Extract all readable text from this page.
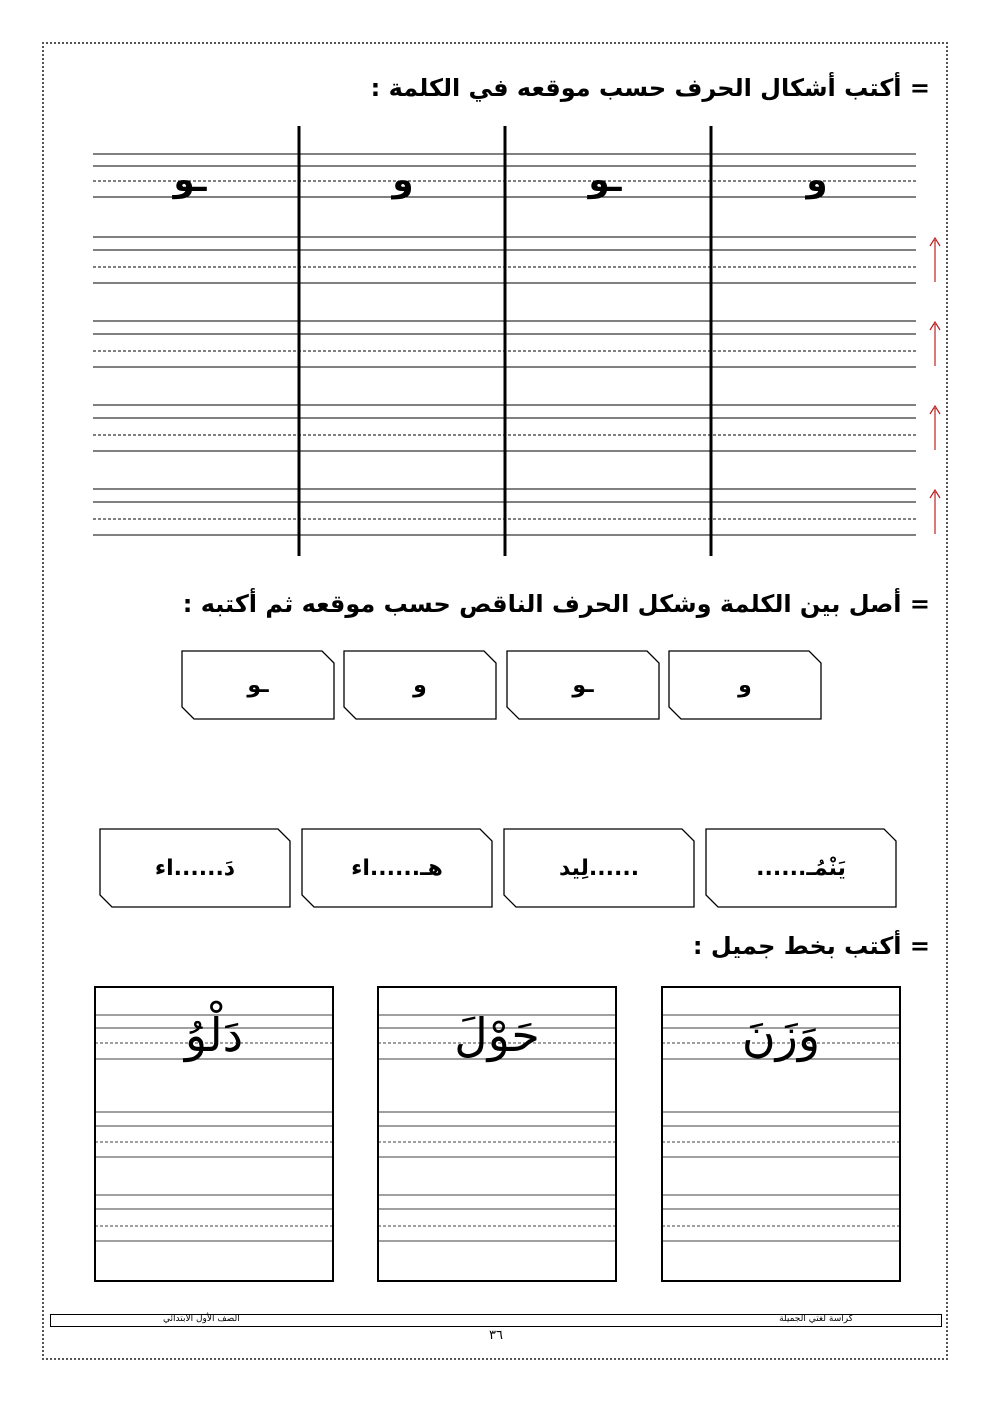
= أكتب أشكال الحرف حسب موقعه في الكلمة :
و
ـو
و
ـو
= أصل بين الكلمة وشكل الحرف الناقص حسب موقعه ثم أكتبه :
و
ـو
و
ـو
يَنْمُـ......
......لِيد
هـ......اء
دَ......اء
= أكتب بخط جميل :
وَزَنَ
حَوْلَ
دَلْوُ
كراسة لغتي الجميلة
الصف الأول الابتدائي
٣٦
